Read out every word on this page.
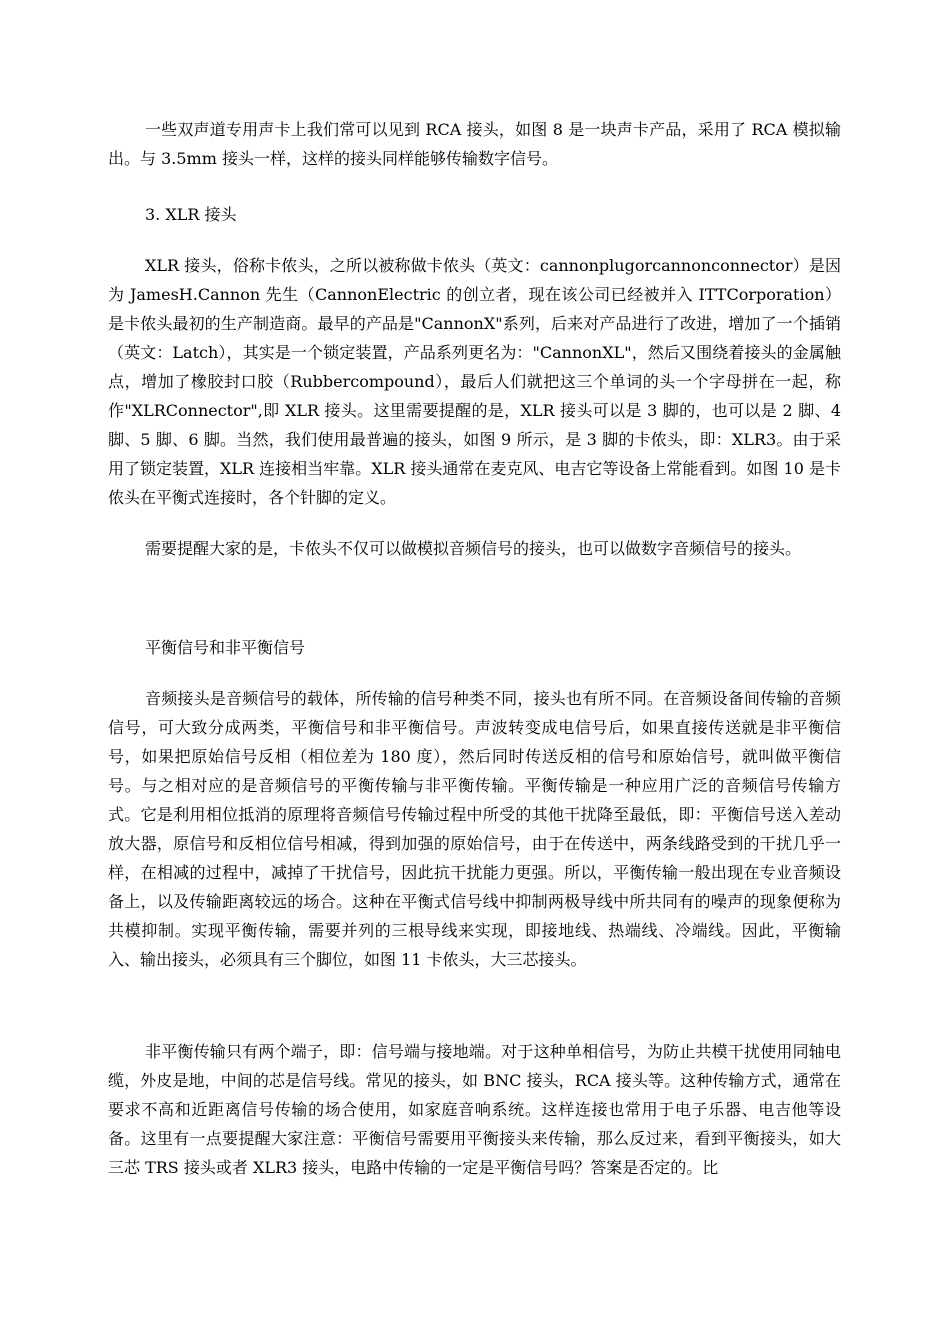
一些双声道专用声卡上我们常可以见到 RCA 接头，如图 8 是一块声卡产品，采用了 RCA 模拟输出。与 3.5mm 接头一样，这样的接头同样能够传输数字信号。

3. XLR 接头

XLR 接头，俗称卡侬头，之所以被称做卡侬头（英文：cannonplugorcannonconnector）是因为 JamesH.Cannon 先生（CannonElectric 的创立者，现在该公司已经被并入 ITTCorporation）是卡侬头最初的生产制造商。最早的产品是"CannonX"系列，后来对产品进行了改进，增加了一个插销（英文：Latch），其实是一个锁定装置，产品系列更名为："CannonXL"，然后又围绕着接头的金属触点，增加了橡胶封口胶（Rubbercompound），最后人们就把这三个单词的头一个字母拼在一起，称作"XLRConnector",即 XLR 接头。这里需要提醒的是，XLR 接头可以是 3 脚的，也可以是 2 脚、4 脚、5 脚、6 脚。当然，我们使用最普遍的接头，如图 9 所示，是 3 脚的卡侬头，即：XLR3。由于采用了锁定装置，XLR 连接相当牢靠。XLR 接头通常在麦克风、电吉它等设备上常能看到。如图 10 是卡侬头在平衡式连接时，各个针脚的定义。

需要提醒大家的是，卡侬头不仅可以做模拟音频信号的接头，也可以做数字音频信号的接头。

平衡信号和非平衡信号

音频接头是音频信号的载体，所传输的信号种类不同，接头也有所不同。在音频设备间传输的音频信号，可大致分成两类，平衡信号和非平衡信号。声波转变成电信号后，如果直接传送就是非平衡信号，如果把原始信号反相（相位差为 180 度），然后同时传送反相的信号和原始信号，就叫做平衡信号。与之相对应的是音频信号的平衡传输与非平衡传输。平衡传输是一种应用广泛的音频信号传输方式。它是利用相位抵消的原理将音频信号传输过程中所受的其他干扰降至最低，即：平衡信号送入差动放大器，原信号和反相位信号相减，得到加强的原始信号，由于在传送中，两条线路受到的干扰几乎一样，在相减的过程中，减掉了干扰信号，因此抗干扰能力更强。所以，平衡传输一般出现在专业音频设备上，以及传输距离较远的场合。这种在平衡式信号线中抑制两极导线中所共同有的噪声的现象便称为共模抑制。实现平衡传输，需要并列的三根导线来实现，即接地线、热端线、冷端线。因此，平衡输入、输出接头，必须具有三个脚位，如图 11 卡侬头，大三芯接头。

非平衡传输只有两个端子，即：信号端与接地端。对于这种单相信号，为防止共模干扰使用同轴电缆，外皮是地，中间的芯是信号线。常见的接头，如 BNC 接头，RCA 接头等。这种传输方式，通常在要求不高和近距离信号传输的场合使用，如家庭音响系统。这样连接也常用于电子乐器、电吉他等设备。这里有一点要提醒大家注意：平衡信号需要用平衡接头来传输，那么反过来，看到平衡接头，如大三芯 TRS 接头或者 XLR3 接头，电路中传输的一定是平衡信号吗？答案是否定的。比
